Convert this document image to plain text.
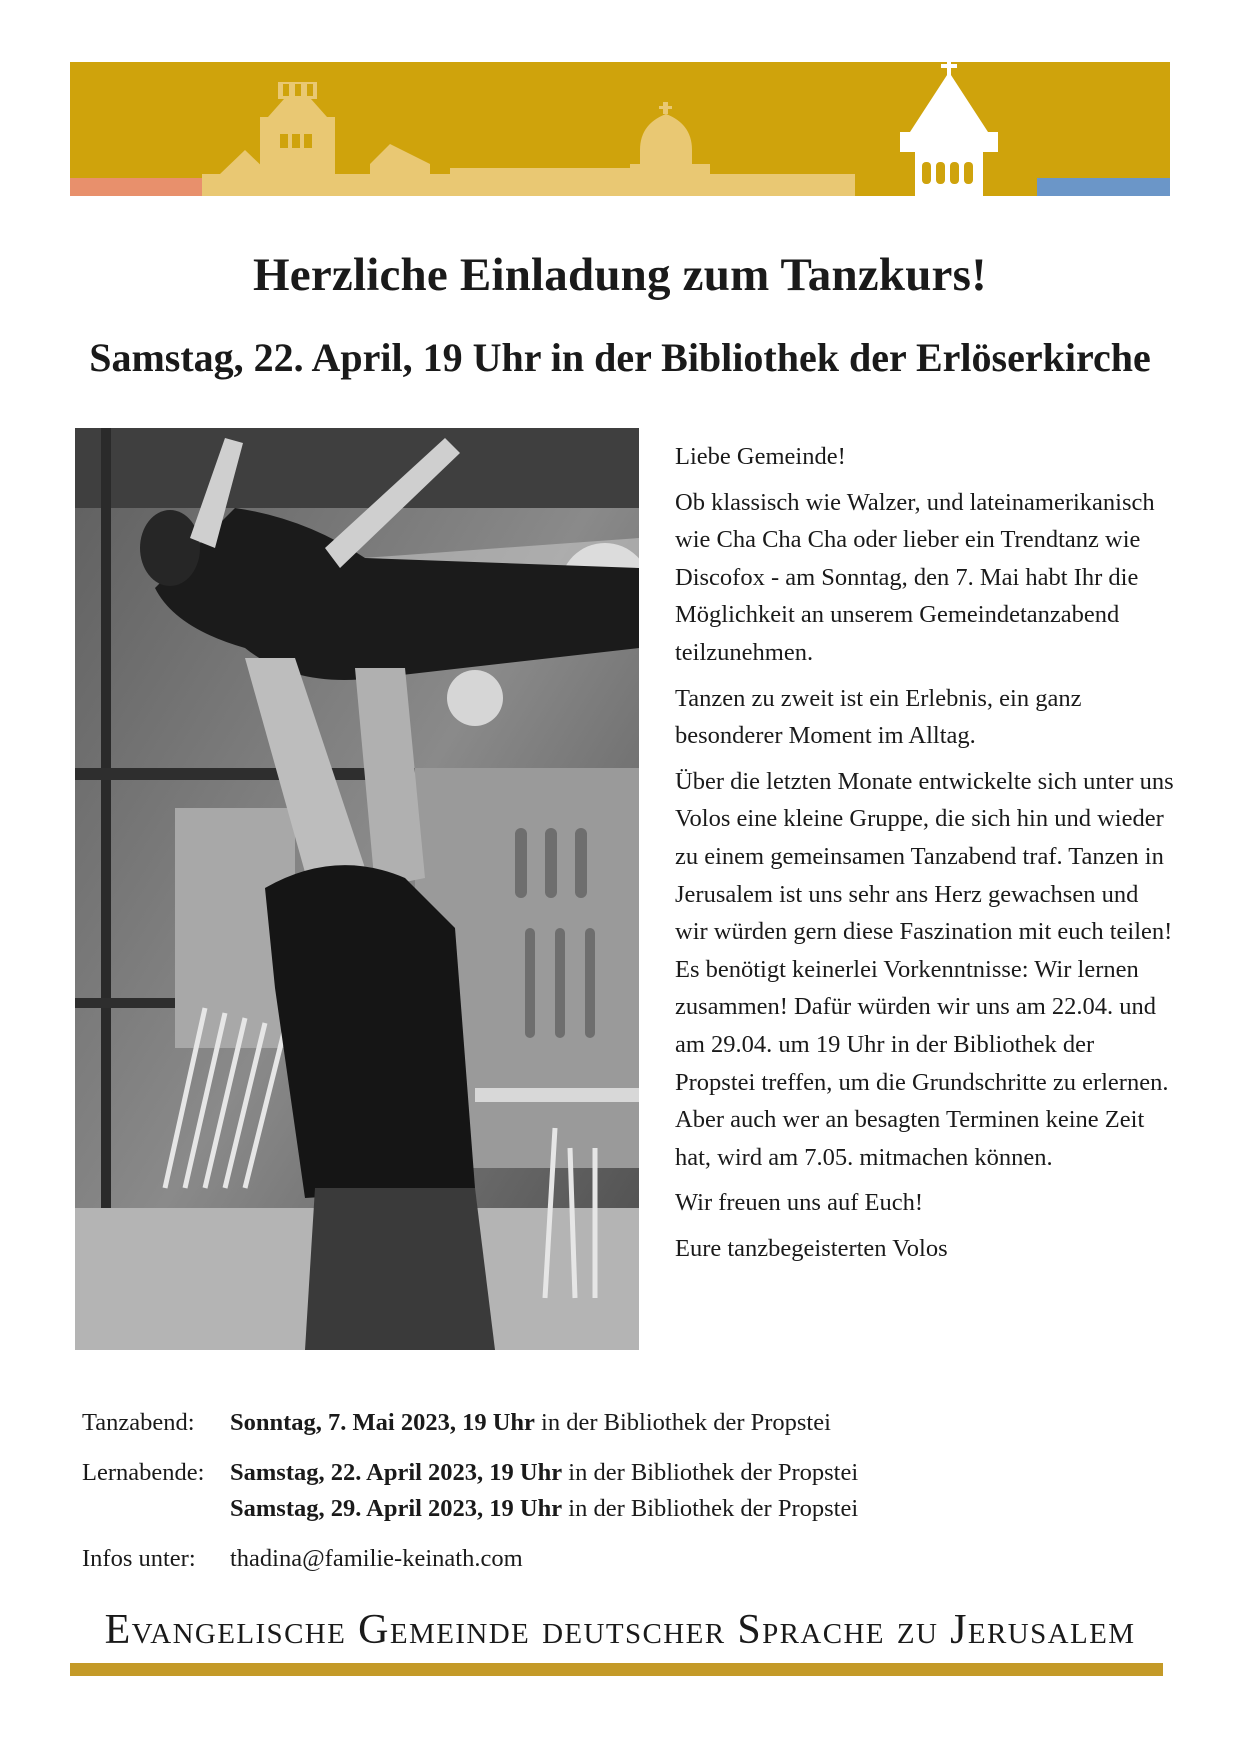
Herzliche Einladung zum Tanzkurs!
Samstag, 22. April, 19 Uhr in der Bibliothek der Erlöserkirche

Liebe Gemeinde!

Ob klassisch wie Walzer, und lateinamerikanisch wie Cha Cha Cha oder lieber ein Trendtanz wie Discofox - am Sonntag, den 7. Mai habt Ihr die Möglichkeit an unserem Gemeindetanzabend teilzunehmen.

Tanzen zu zweit ist ein Erlebnis, ein ganz besonderer Moment im Alltag.

Über die letzten Monate entwickelte sich unter uns Volos eine kleine Gruppe, die sich hin und wieder zu einem gemeinsamen Tanzabend traf. Tanzen in Jerusalem ist uns sehr ans Herz gewachsen und wir würden gern diese Faszination mit euch teilen! Es benötigt keinerlei Vorkenntnisse: Wir lernen zusammen! Dafür würden wir uns am 22.04. und am 29.04. um 19 Uhr in der Bibliothek der Propstei treffen, um die Grundschritte zu erlernen. Aber auch wer an besagten Terminen keine Zeit hat, wird am 7.05. mitmachen können.

Wir freuen uns auf Euch!

Eure tanzbegeisterten Volos

Tanzabend:	Sonntag, 7. Mai 2023, 19 Uhr in der Bibliothek der Propstei
Lernabende:	Samstag, 22. April 2023, 19 Uhr in der Bibliothek der Propstei
Samstag, 29. April 2023, 19 Uhr in der Bibliothek der Propstei
Infos unter:	thadina@familie-keinath.com

Evangelische Gemeinde deutscher Sprache zu Jerusalem
